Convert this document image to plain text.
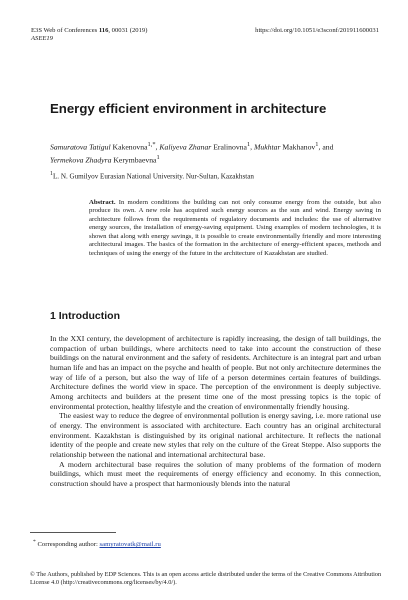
E3S Web of Conferences 116, 00031 (2019)	https://doi.org/10.1051/e3sconf/201911600031
ASEE19
Energy efficient environment in architecture
Samuratova Tatigul Kakenovna$^{1,*}$, Kaliyeva Zhanar Eralinovna$^1$, Mukhtar Makhanov$^1$, and Yermekova Zhadyra Kerymbaevna$^1$
$^1$L. N. Gumilyov Eurasian National University. Nur-Sultan, Kazakhstan

Abstract. In modern conditions the building can not only consume energy from the outside, but also produce its own. A new role has acquired such energy sources as the sun and wind. Energy saving in architecture follows from the requirements of regulatory documents and includes: the use of alternative energy sources, the installation of energy-saving equipment. Using examples of modern technologies, it is shown that along with energy savings, it is possible to create environmentally friendly and more interesting architectural images. The basics of the formation in the architecture of energy-efficient spaces, methods and techniques of using the energy of the future in the architecture of Kazakhstan are studied.

1 Introduction

In the XXI century, the development of architecture is rapidly increasing, the design of tall buildings, the compaction of urban buildings, where architects need to take into account the construction of these buildings on the natural environment and the safety of residents. Architecture is an integral part and urban human life and has an impact on the psyche and health of people. But not only architecture determines the way of life of a person, but also the way of life of a person determines certain features of buildings. Architecture defines the world view in space. The perception of the environment is deeply subjective. Among architects and builders at the present time one of the most pressing topics is the topic of environmental protection, healthy lifestyle and the creation of environmentally friendly housing.

The easiest way to reduce the degree of environmental pollution is energy saving, i.e. more rational use of energy. The environment is associated with architecture. Each country has an original architectural environment. Kazakhstan is distinguished by its original national architecture. It reflects the national identity of the people and create new styles that rely on the culture of the Great Steppe. Also supports the relationship between the national and international architectural base.

A modern architectural base requires the solution of many problems of the formation of modern buildings, which must meet the requirements of energy efficiency and economy. In this connection, construction should have a prospect that harmoniously blends into the natural

* Corresponding author: samyratovatk@mail.ru
© The Authors, published by EDP Sciences. This is an open access article distributed under the terms of the Creative Commons Attribution License 4.0 (http://creativecommons.org/licenses/by/4.0/).
